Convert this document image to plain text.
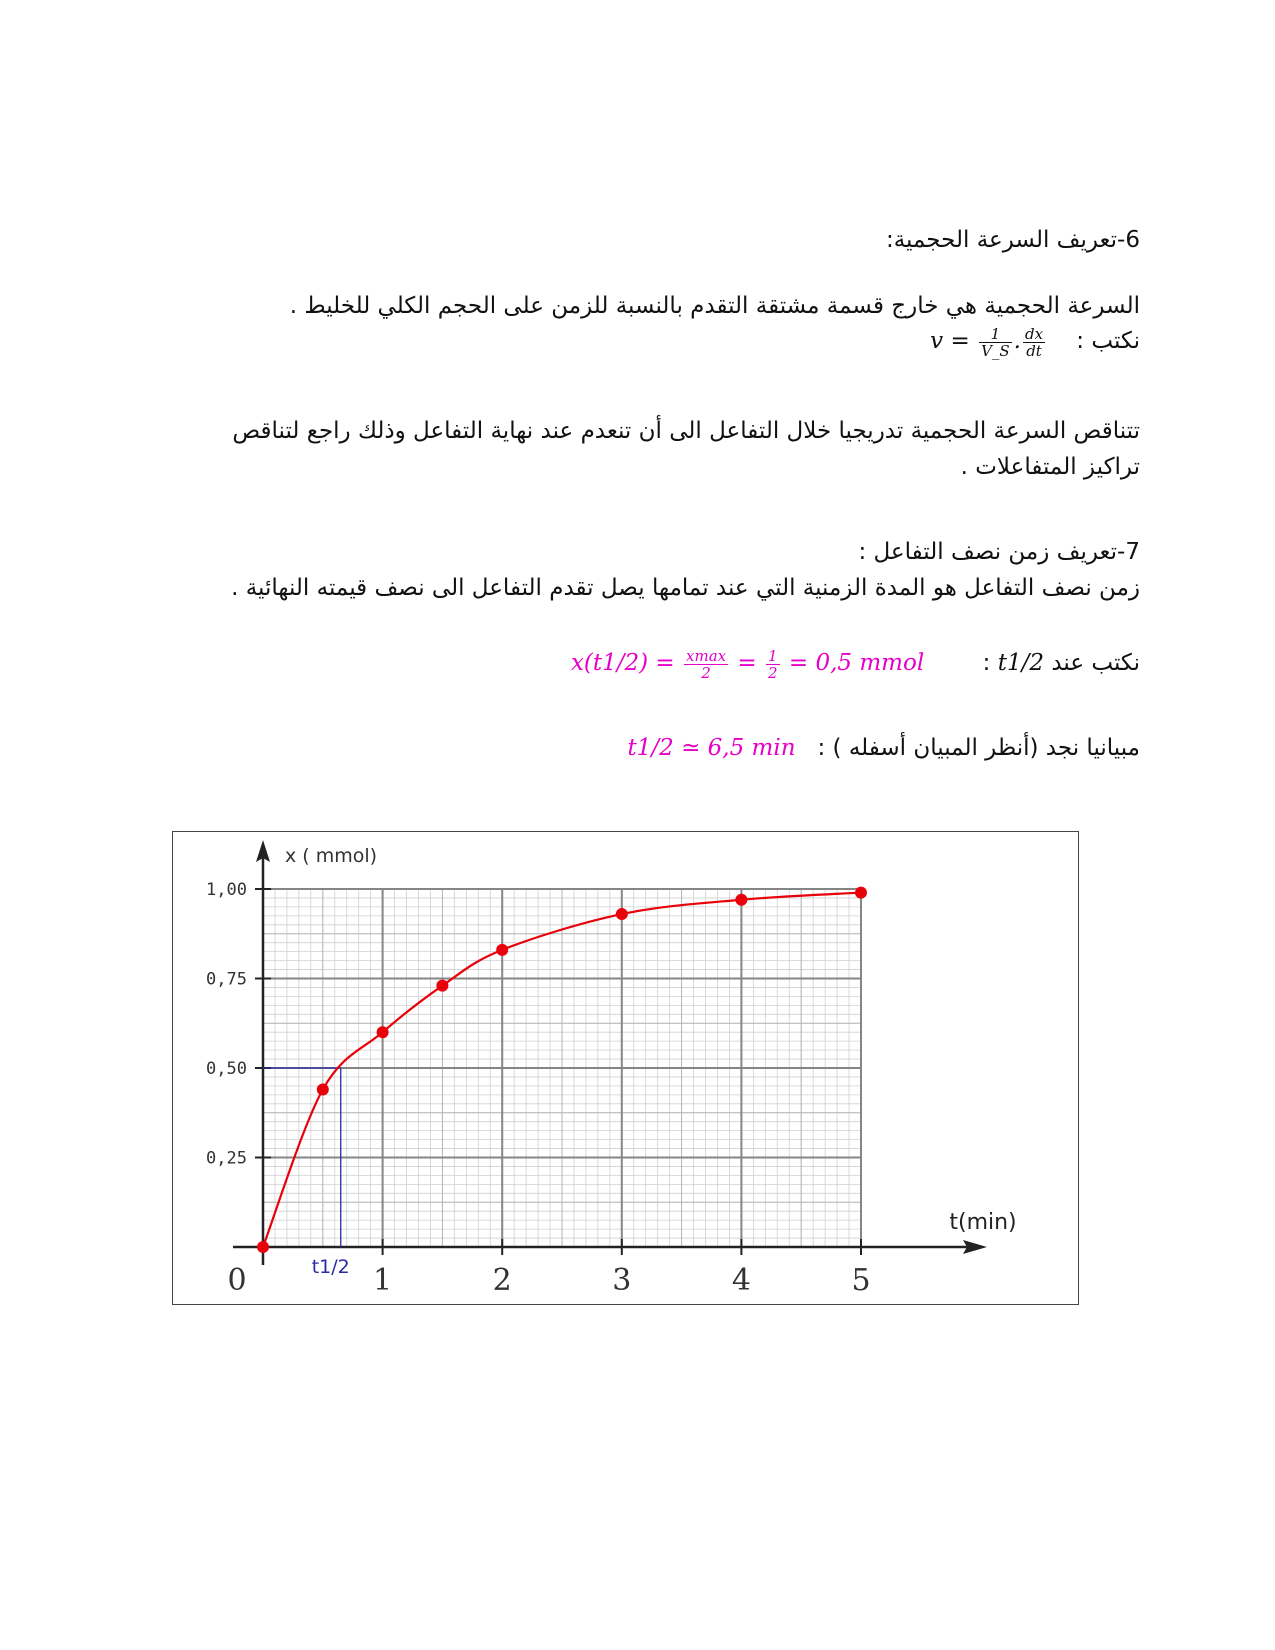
6-تعريف السرعة الحجمية:

السرعة الحجمية هي خارج قسمة مشتقة التقدم بالنسبة للزمن على الحجم الكلي للخليط .

نكتب :    $v = \frac{1}{V\_S}$ . $\frac{dx}{dt}$

تتناقص السرعة الحجمية تدريجيا خلال التفاعل الى أن تنعدم عند نهاية التفاعل وذلك راجع لتناقص

تراكيز المتفاعلات .

7-تعريف زمن نصف التفاعل :

زمن نصف التفاعل هو المدة الزمنية التي عند تمامها يصل تقدم التفاعل الى نصف قيمته النهائية .

نكتب عند t1/2 :        $x(t1/2) = \frac{xmax}{2} = \frac{1}{2} = 0,5$ mmol
مبيانيا نجد (أنظر المبيان أسفله ) :   t1/2 ≃ 6,5 min
0	1	2	3	4	5
0,25
0,50
0,75
1,00
x ( mmol)
t(min)
t1/2
